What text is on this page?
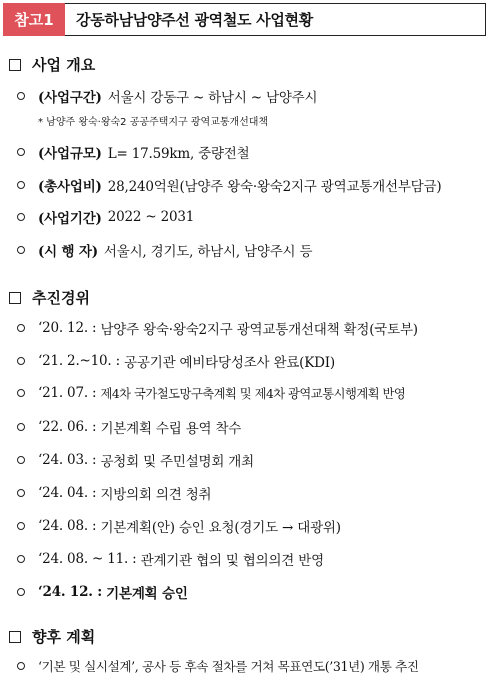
참고1	강동하남남양주선 광역철도 사업현황
사업 개요
(사업구간) 서울시 강동구 ~ 하남시 ~ 남양주시
* 남양주 왕숙·왕숙2 공공주택지구 광역교통개선대책
(사업규모) L= 17.59km, 중량전철
(총사업비) 28,240억원(남양주 왕숙·왕숙2지구 광역교통개선부담금)
(사업기간) 2022 ~ 2031
(시 행 자) 서울시, 경기도, 하남시, 남양주시 등
추진경위
‘20. 12. :
남양주 왕숙·왕숙2지구 광역교통개선대책 확정(국토부)
‘21. 2.~10. :
공공기관 예비타당성조사 완료(KDI)
‘21. 07. :
제4차 국가철도망구축계획 및 제4차 광역교통시행계획 반영
‘22. 06. :
기본계획 수립 용역 착수
‘24. 03. :
공청회 및 주민설명회 개최
‘24. 04. :
지방의회 의견 청취
‘24. 08. :
기본계획(안) 승인 요청(경기도 → 대광위)
‘24. 08. ~ 11. :
관계기관 협의 및 협의의견 반영
‘24. 12. :
기본계획 승인
향후 계획
‘기본 및 실시설계’, 공사 등 후속 절차를 거쳐 목표연도(’31년) 개통 추진
